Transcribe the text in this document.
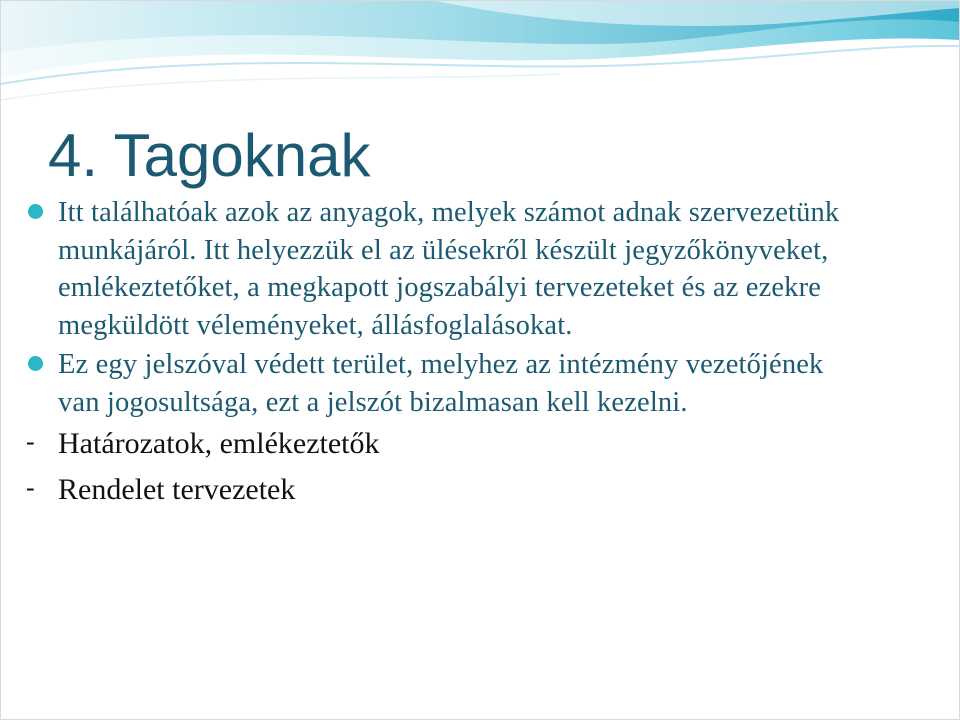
4. Tagoknak
Itt találhatóak azok az anyagok, melyek számot adnak szervezetünk munkájáról. Itt helyezzük el az ülésekről készült jegyzőkönyveket, emlékeztetőket, a megkapott jogszabályi tervezeteket és az ezekre megküldött véleményeket, állásfoglalásokat.
Ez egy jelszóval védett terület, melyhez az intézmény vezetőjének van jogosultsága, ezt a jelszót bizalmasan kell kezelni.
- Határozatok, emlékeztetők
- Rendelet tervezetek
